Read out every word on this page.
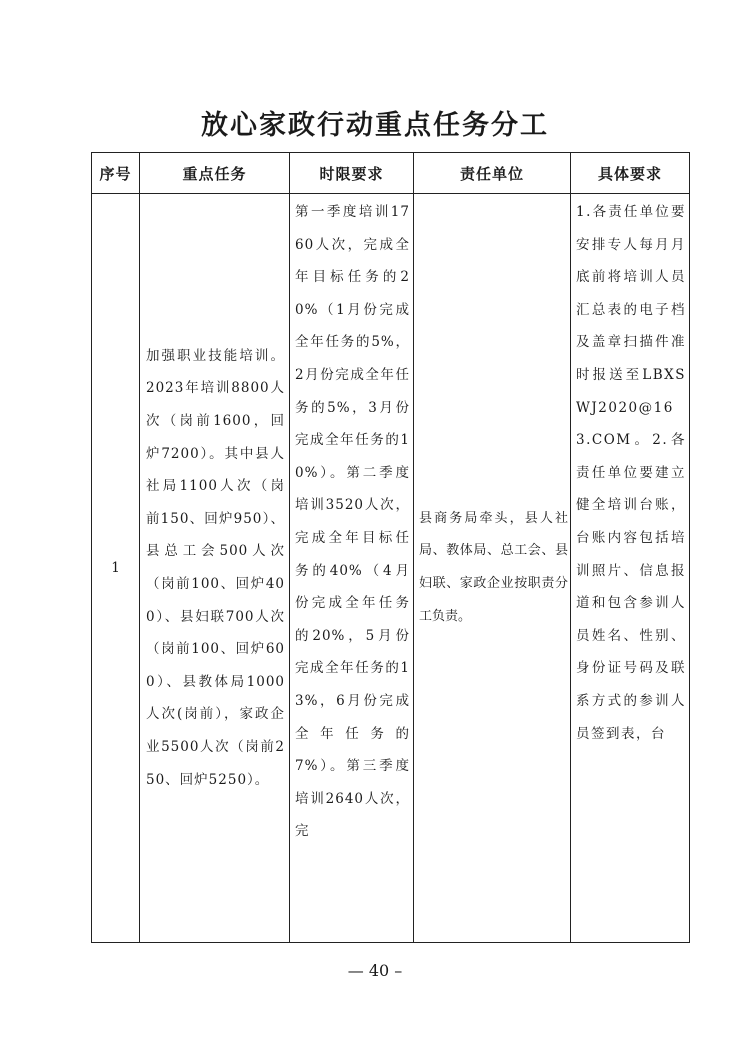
放心家政行动重点任务分工
序号	重点任务	时限要求	责任单位	具体要求
1	加强职业技能培训。2023年培训8800人次（岗前1600，回炉7200）。其中县人社局1100人次（岗前150、回炉950）、县总工会500人次（岗前100、回炉400）、县妇联700人次（岗前100、回炉600）、县教体局1000人次(岗前），家政企业5500人次（岗前250、回炉5250）。	第一季度培训1760人次，完成全年目标任务的20%（1月份完成全年任务的5%，2月份完成全年任务的5%，3月份完成全年任务的10%）。第二季度培训3520人次，完成全年目标任务的40%（4月份完成全年任务的20%，5月份完成全年任务的13%，6月份完成全年任务的7%）。第三季度培训2640人次，完	县商务局牵头，县人社局、教体局、总工会、县妇联、家政企业按职责分工负责。	1.各责任单位要安排专人每月月底前将培训人员汇总表的电子档及盖章扫描件准时报送至LBXSWJ2020@163.COM。2.各责任单位要建立健全培训台账，台账内容包括培训照片、信息报道和包含参训人员姓名、性别、身份证号码及联系方式的参训人员签到表，台
— 40 –
